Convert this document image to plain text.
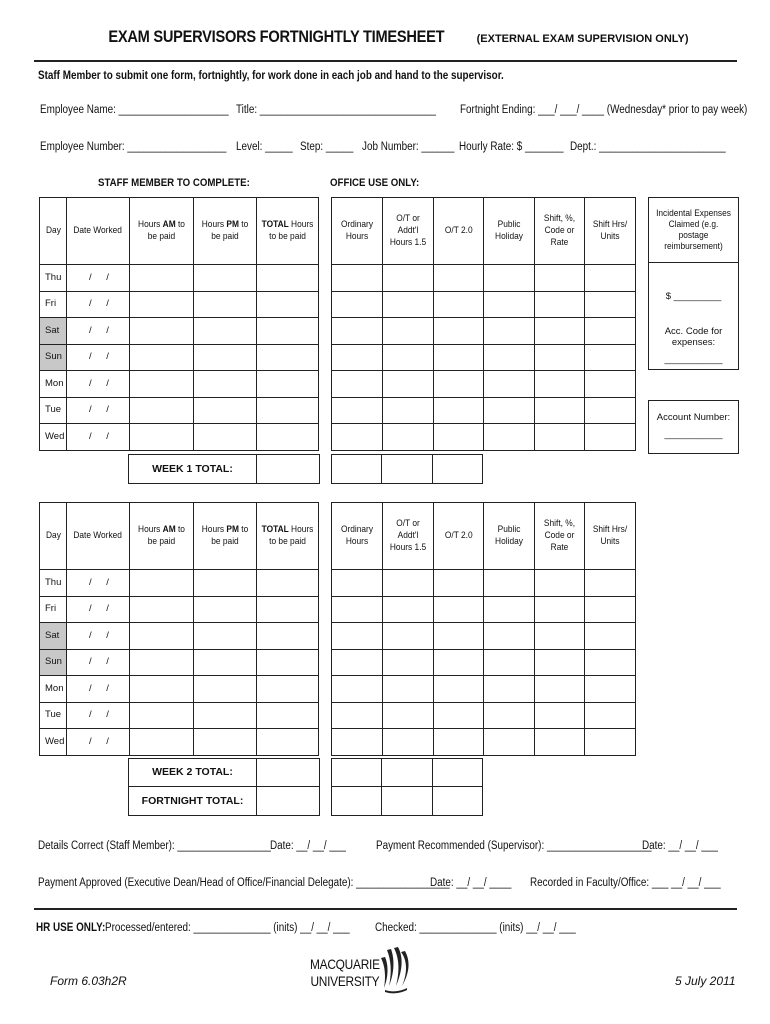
EXAM SUPERVISORS FORTNIGHTLY TIMESHEET	(EXTERNAL EXAM SUPERVISION ONLY)
Staff Member to submit one form, fortnightly, for work done in each job and hand to the supervisor.
Employee Name: ____________________ Title: ________________________________ Fortnight Ending: ___/ ___/ ____ (Wednesday* prior to pay week)
Employee Number: __________________ Level: _____ Step: _____ Job Number: ______ Hourly Rate: $ _______ Dept.: _______________________
STAFF MEMBER TO COMPLETE:	OFFICE USE ONLY:
Day	Date Worked	Hours AM to be paid	Hours PM to be paid	TOTAL Hours to be paid		Ordinary Hours	O/T or Addt'l Hours 1.5	O/T 2.0	Public Holiday	Shift, %, Code or Rate	Shift Hrs/ Units
Thu	/ /										
Fri	/ /										
Sat	/ /										
Sun	/ /										
Mon	/ /										
Tue	/ /										
Wed	/ /										
WEEK 1 TOTAL:
Incidental Expenses Claimed (e.g. postage reimbursement)
$ _________
Acc. Code for expenses:
___________
Account Number:
___________
Day	Date Worked	Hours AM to be paid	Hours PM to be paid	TOTAL Hours to be paid		Ordinary Hours	O/T or Addt'l Hours 1.5	O/T 2.0	Public Holiday	Shift, %, Code or Rate	Shift Hrs/ Units
Thu	/ /										
Fri	/ /										
Sat	/ /										
Sun	/ /										
Mon	/ /										
Tue	/ /										
Wed	/ /										
WEEK 2 TOTAL:
FORTNIGHT TOTAL:
Details Correct (Staff Member): _________________ Date: __/ __/ ___	Payment Recommended (Supervisor): ___________________
Date: __/ __/ ___
Payment Approved (Executive Dean/Head of Office/Financial Delegate): _________________
Date: __/ __/ ____ Recorded in Faculty/Office: ___ __/ __/ ___
HR USE ONLY: Processed/entered: ______________ (inits) __/ __/ ___ Checked: ______________ (inits) __/ __/ ___
Form 6.03h2R
MACQUARIE
UNIVERSITY	5 July 2011
